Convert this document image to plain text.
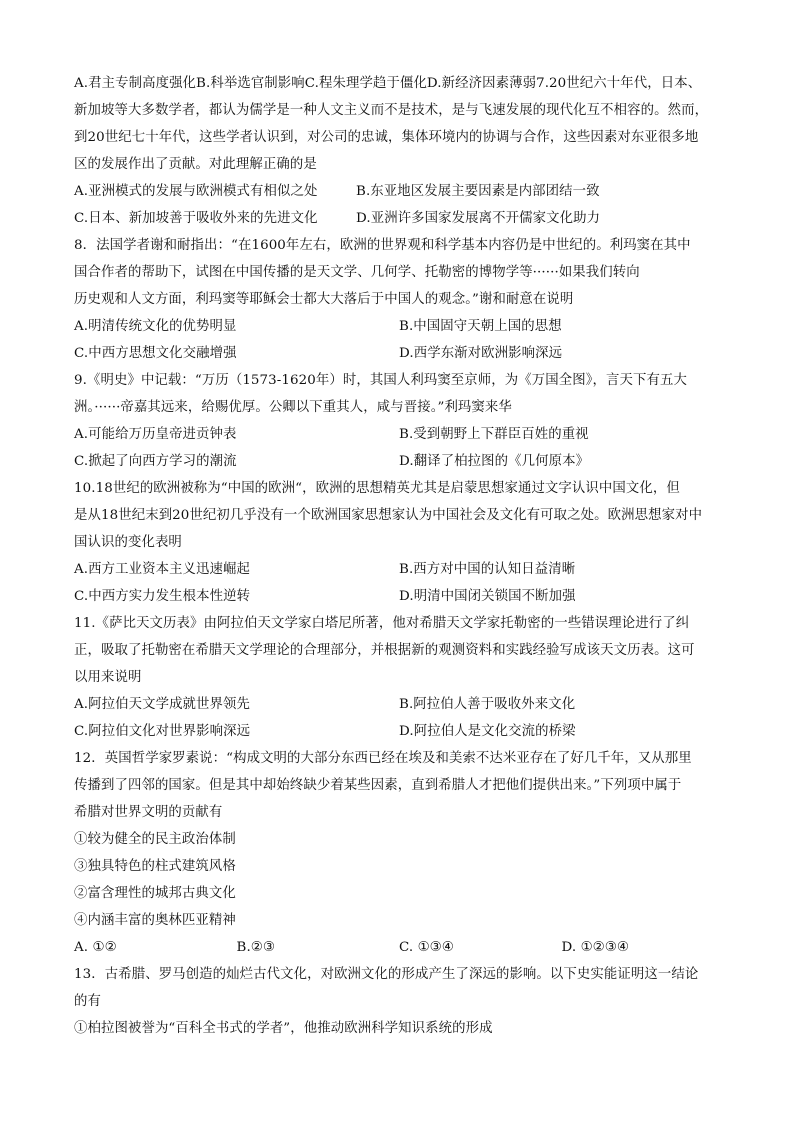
A.君主专制高度强化B.科举选官制影响C.程朱理学趋于僵化D.新经济因素薄弱7.20世纪六十年代，日本、
新加坡等大多数学者，都认为儒学是一种人文主义而不是技术，是与飞速发展的现代化互不相容的。然而，
到20世纪七十年代，这些学者认识到，对公司的忠诚，集体环境内的协调与合作，这些因素对东亚很多地
区的发展作出了贡献。对此理解正确的是
A.亚洲模式的发展与欧洲模式有相似之处	B.东亚地区发展主要因素是内部团结一致
C.日本、新加坡善于吸收外来的先进文化	D.亚洲许多国家发展离不开儒家文化助力
8．法国学者谢和耐指出：“在1600年左右，欧洲的世界观和科学基本内容仍是中世纪的。利玛窦在其中
国合作者的帮助下，试图在中国传播的是天文学、几何学、托勒密的博物学等······如果我们转向
历史观和人文方面，利玛窦等耶稣会士都大大落后于中国人的观念。”谢和耐意在说明
A.明清传统文化的优势明显	B.中国固守天朝上国的思想
C.中西方思想文化交融增强	D.西学东渐对欧洲影响深远
9.《明史》中记载：“万历（1573-1620年）时，其国人利玛窦至京师，为《万国全图》，言天下有五大
洲。······帝嘉其远来，给赐优厚。公卿以下重其人，咸与晋接。”利玛窦来华
A.可能给万历皇帝进贡钟表	B.受到朝野上下群臣百姓的重视
C.掀起了向西方学习的潮流	D.翻译了柏拉图的《几何原本》
10.18世纪的欧洲被称为“中国的欧洲“，欧洲的思想精英尤其是启蒙思想家通过文字认识中国文化，但
是从18世纪末到20世纪初几乎没有一个欧洲国家思想家认为中国社会及文化有可取之处。欧洲思想家对中
国认识的变化表明
A.西方工业资本主义迅速崛起	B.西方对中国的认知日益清晰
C.中西方实力发生根本性逆转	D.明清中国闭关锁国不断加强
11.《萨比天文历表》由阿拉伯天文学家白塔尼所著，他对希腊天文学家托勒密的一些错误理论进行了纠
正，吸取了托勒密在希腊天文学理论的合理部分，并根据新的观测资料和实践经验写成该天文历表。这可
以用来说明
A.阿拉伯天文学成就世界领先	B.阿拉伯人善于吸收外来文化
C.阿拉伯文化对世界影响深远	D.阿拉伯人是文化交流的桥梁
12．英国哲学家罗素说：“构成文明的大部分东西已经在埃及和美索不达米亚存在了好几千年，又从那里
传播到了四邻的国家。但是其中却始终缺少着某些因素，直到希腊人才把他们提供出来。”下列项中属于
希腊对世界文明的贡献有
①较为健全的民主政治体制
③独具特色的柱式建筑风格
②富含理性的城邦古典文化
④内涵丰富的奥林匹亚精神
A. ①②	B.②③	C. ①③④	D. ①②③④
13．古希腊、罗马创造的灿烂古代文化，对欧洲文化的形成产生了深远的影响。以下史实能证明这一结论
的有
①柏拉图被誉为“百科全书式的学者”，他推动欧洲科学知识系统的形成
